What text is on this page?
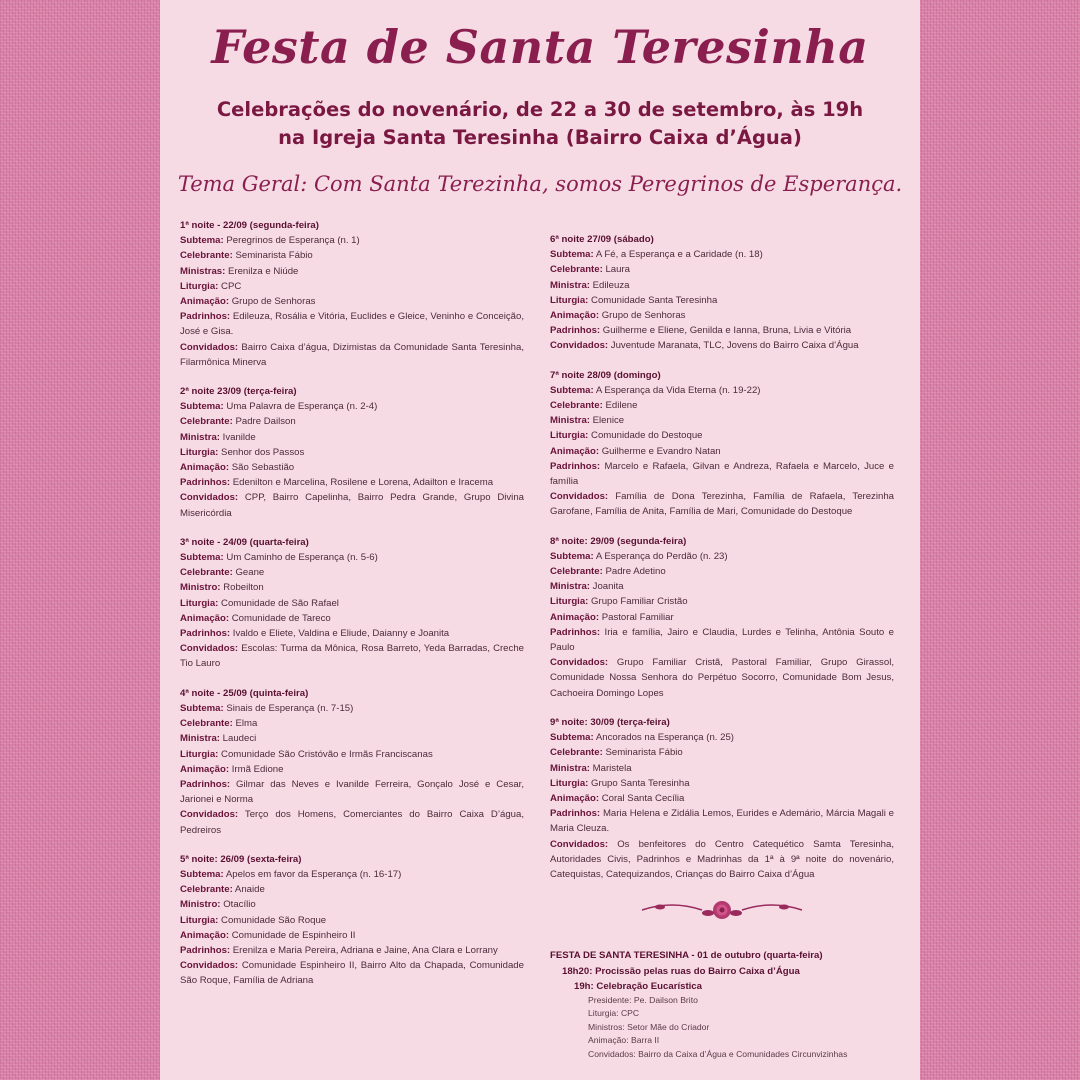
Festa de Santa Teresinha
Celebrações do novenário, de 22 a 30 de setembro, às 19h
na Igreja Santa Teresinha (Bairro Caixa d’Água)
Tema Geral: Com Santa Terezinha, somos Peregrinos de Esperança.
1ª noite - 22/09 (segunda-feira)
Subtema: Peregrinos de Esperança (n. 1)
Celebrante: Seminarista Fábio
Ministras: Erenilza e Niúde
Liturgia: CPC
Animação: Grupo de Senhoras
Padrinhos: Edileuza, Rosália e Vitória, Euclides e Gleice, Veninho e Conceição, José e Gisa.
Convidados: Bairro Caixa d’água, Dizimistas da Comunidade Santa Teresinha, Filarmônica Minerva
2ª noite 23/09 (terça-feira)
Subtema: Uma Palavra de Esperança (n. 2-4)
Celebrante: Padre Dailson
Ministra: Ivanilde
Liturgia: Senhor dos Passos
Animação: São Sebastião
Padrinhos: Edenilton e Marcelina, Rosilene e Lorena, Adailton e Iracema
Convidados: CPP, Bairro Capelinha, Bairro Pedra Grande, Grupo Divina Misericórdia
3ª noite - 24/09 (quarta-feira)
Subtema: Um Caminho de Esperança (n. 5-6)
Celebrante: Geane
Ministro: Robeilton
Liturgia: Comunidade de São Rafael
Animação: Comunidade de Tareco
Padrinhos: Ivaldo e Eliete, Valdina e Eliude, Daianny e Joanita
Convidados: Escolas: Turma da Mônica, Rosa Barreto, Yeda Barradas, Creche Tio Lauro
4ª noite - 25/09 (quinta-feira)
Subtema: Sinais de Esperança (n. 7-15)
Celebrante: Elma
Ministra: Laudeci
Liturgia: Comunidade São Cristóvão e Irmãs Franciscanas
Animação: Irmã Edione
Padrinhos: Gilmar das Neves e Ivanilde Ferreira, Gonçalo José e Cesar, Jarionei e Norma
Convidados: Terço dos Homens, Comerciantes do Bairro Caixa D’água, Pedreiros
5ª noite: 26/09 (sexta-feira)
Subtema: Apelos em favor da Esperança (n. 16-17)
Celebrante: Anaide
Ministro: Otacílio
Liturgia: Comunidade São Roque
Animação: Comunidade de Espinheiro II
Padrinhos: Erenilza e Maria Pereira, Adriana e Jaine, Ana Clara e Lorrany
Convidados: Comunidade Espinheiro II, Bairro Alto da Chapada, Comunidade São Roque, Família de Adriana
6ª noite 27/09 (sábado)
Subtema: A Fé, a Esperança e a Caridade (n. 18)
Celebrante: Laura
Ministra: Edileuza
Liturgia: Comunidade Santa Teresinha
Animação: Grupo de Senhoras
Padrinhos: Guilherme e Eliene, Genilda e Ianna, Bruna, Livia e Vitória
Convidados: Juventude Maranata, TLC, Jovens do Bairro Caixa d’Água
7ª noite 28/09 (domingo)
Subtema: A Esperança da Vida Eterna (n. 19-22)
Celebrante: Edilene
Ministra: Elenice
Liturgia: Comunidade do Destoque
Animação: Guilherme e Evandro Natan
Padrinhos: Marcelo e Rafaela, Gilvan e Andreza, Rafaela e Marcelo, Juce e família
Convidados: Família de Dona Terezinha, Família de Rafaela, Terezinha Garofane, Família de Anita, Família de Mari, Comunidade do Destoque
8ª noite: 29/09 (segunda-feira)
Subtema: A Esperança do Perdão (n. 23)
Celebrante: Padre Adetino
Ministra: Joanita
Liturgia: Grupo Familiar Cristão
Animação: Pastoral Familiar
Padrinhos: Iria e família, Jairo e Claudia, Lurdes e Telinha, Antônia Souto e Paulo
Convidados: Grupo Familiar Cristã, Pastoral Familiar, Grupo Girassol, Comunidade Nossa Senhora do Perpétuo Socorro, Comunidade Bom Jesus, Cachoeira Domingo Lopes
9ª noite: 30/09 (terça-feira)
Subtema: Ancorados na Esperança (n. 25)
Celebrante: Seminarista Fábio
Ministra: Maristela
Liturgia: Grupo Santa Teresinha
Animação: Coral Santa Cecília
Padrinhos: Maria Helena e Zidália Lemos, Eurides e Ademário, Márcia Magali e Maria Cleuza.
Convidados: Os benfeitores do Centro Catequético Samta Teresinha, Autoridades Civis, Padrinhos e Madrinhas da 1ª à 9ª noite do novenário, Catequistas, Catequizandos, Crianças do Bairro Caixa d’Água
FESTA DE SANTA TERESINHA - 01 de outubro (quarta-feira)
18h20: Procissão pelas ruas do Bairro Caixa d’Água
19h: Celebração Eucarística
Presidente: Pe. Dailson Brito
Liturgia: CPC
Ministros: Setor Mãe do Criador
Animação: Barra II
Convidados: Bairro da Caixa d’Água e Comunidades Circunvizinhas
